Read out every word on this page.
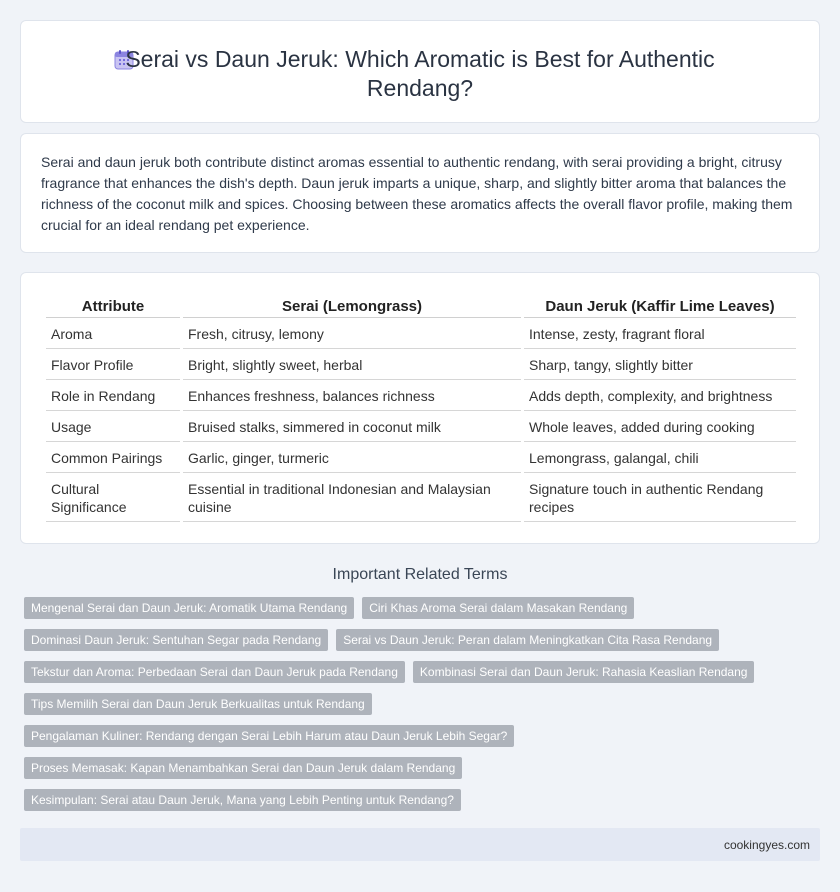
Serai vs Daun Jeruk: Which Aromatic is Best for Authentic Rendang?

Serai and daun jeruk both contribute distinct aromas essential to authentic rendang, with serai providing a bright, citrusy fragrance that enhances the dish's depth. Daun jeruk imparts a unique, sharp, and slightly bitter aroma that balances the richness of the coconut milk and spices. Choosing between these aromatics affects the overall flavor profile, making them crucial for an ideal rendang pet experience.

Attribute	Serai (Lemongrass)	Daun Jeruk (Kaffir Lime Leaves)
Aroma	Fresh, citrusy, lemony	Intense, zesty, fragrant floral
Flavor Profile	Bright, slightly sweet, herbal	Sharp, tangy, slightly bitter
Role in Rendang	Enhances freshness, balances richness	Adds depth, complexity, and brightness
Usage	Bruised stalks, simmered in coconut milk	Whole leaves, added during cooking
Common Pairings	Garlic, ginger, turmeric	Lemongrass, galangal, chili
Cultural Significance	Essential in traditional Indonesian and Malaysian cuisine	Signature touch in authentic Rendang recipes
Important Related Terms
Mengenal Serai dan Daun Jeruk: Aromatik Utama Rendang	Ciri Khas Aroma Serai dalam Masakan Rendang
Dominasi Daun Jeruk: Sentuhan Segar pada Rendang	Serai vs Daun Jeruk: Peran dalam Meningkatkan Cita Rasa Rendang
Tekstur dan Aroma: Perbedaan Serai dan Daun Jeruk pada Rendang	Kombinasi Serai dan Daun Jeruk: Rahasia Keaslian Rendang
Tips Memilih Serai dan Daun Jeruk Berkualitas untuk Rendang
Pengalaman Kuliner: Rendang dengan Serai Lebih Harum atau Daun Jeruk Lebih Segar?
Proses Memasak: Kapan Menambahkan Serai dan Daun Jeruk dalam Rendang
Kesimpulan: Serai atau Daun Jeruk, Mana yang Lebih Penting untuk Rendang?
cookingyes.com
